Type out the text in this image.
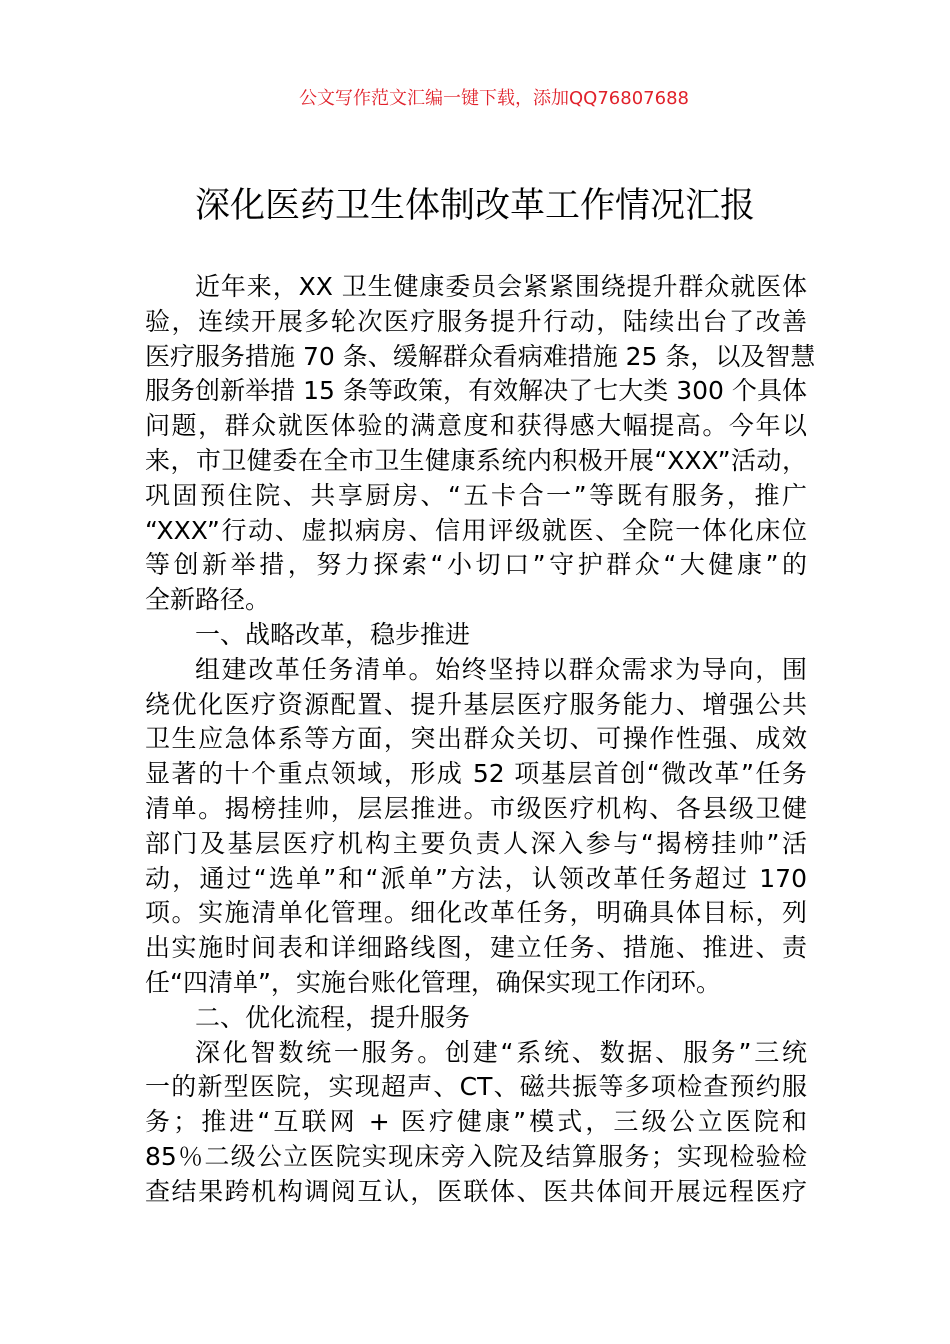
公文写作范文汇编一键下载，添加QQ76807688
深化医药卫生体制改革工作情况汇报
近年来，XX 卫生健康委员会紧紧围绕提升群众就医体
验，连续开展多轮次医疗服务提升行动，陆续出台了改善
医疗服务措施 70 条、缓解群众看病难措施 25 条，以及智慧
服务创新举措 15 条等政策，有效解决了七大类 300 个具体
问题，群众就医体验的满意度和获得感大幅提高。今年以
来，市卫健委在全市卫生健康系统内积极开展“XXX”活动，
巩固预住院、共享厨房、“五卡合一”等既有服务，推广
“XXX”行动、虚拟病房、信用评级就医、全院一体化床位
等创新举措，努力探索“小切口”守护群众“大健康”的
全新路径。
一、战略改革，稳步推进
组建改革任务清单。始终坚持以群众需求为导向，围
绕优化医疗资源配置、提升基层医疗服务能力、增强公共
卫生应急体系等方面，突出群众关切、可操作性强、成效
显著的十个重点领域，形成 52 项基层首创“微改革”任务
清单。揭榜挂帅，层层推进。市级医疗机构、各县级卫健
部门及基层医疗机构主要负责人深入参与“揭榜挂帅”活
动，通过“选单”和“派单”方法，认领改革任务超过 170
项。实施清单化管理。细化改革任务，明确具体目标，列
出实施时间表和详细路线图，建立任务、措施、推进、责
任“四清单”，实施台账化管理，确保实现工作闭环。
二、优化流程，提升服务
深化智数统一服务。创建“系统、数据、服务”三统
一的新型医院，实现超声、CT、磁共振等多项检查预约服
务；推进“互联网 + 医疗健康”模式，三级公立医院和
85％二级公立医院实现床旁入院及结算服务；实现检验检
查结果跨机构调阅互认，医联体、医共体间开展远程医疗
